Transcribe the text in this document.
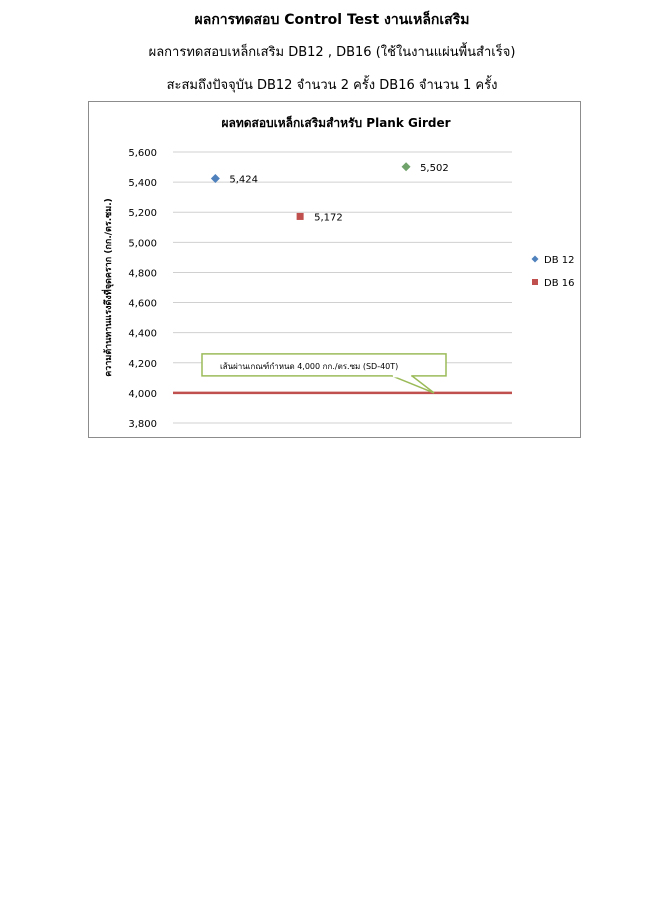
ผลการทดสอบ Control Test งานเหล็กเสริม
ผลการทดสอบเหล็กเสริม DB12 , DB16 (ใช้ในงานแผ่นพื้นสำเร็จ)
สะสมถึงปัจจุบัน DB12 จำนวน 2 ครั้ง DB16 จำนวน 1 ครั้ง
ผลทดสอบเหล็กเสริมสำหรับ Plank Girder
5,600
5,400
5,200
5,000
4,800
4,600
4,400
4,200
4,000
3,800
ความต้านทานแรงดึงที่จุดคราก (กก./ตร.ซม.)	เส้นผ่านเกณฑ์กำหนด 4,000 กก./ตร.ซม (SD-40T)
5,424
5,172
5,502
DB 12
DB 16
